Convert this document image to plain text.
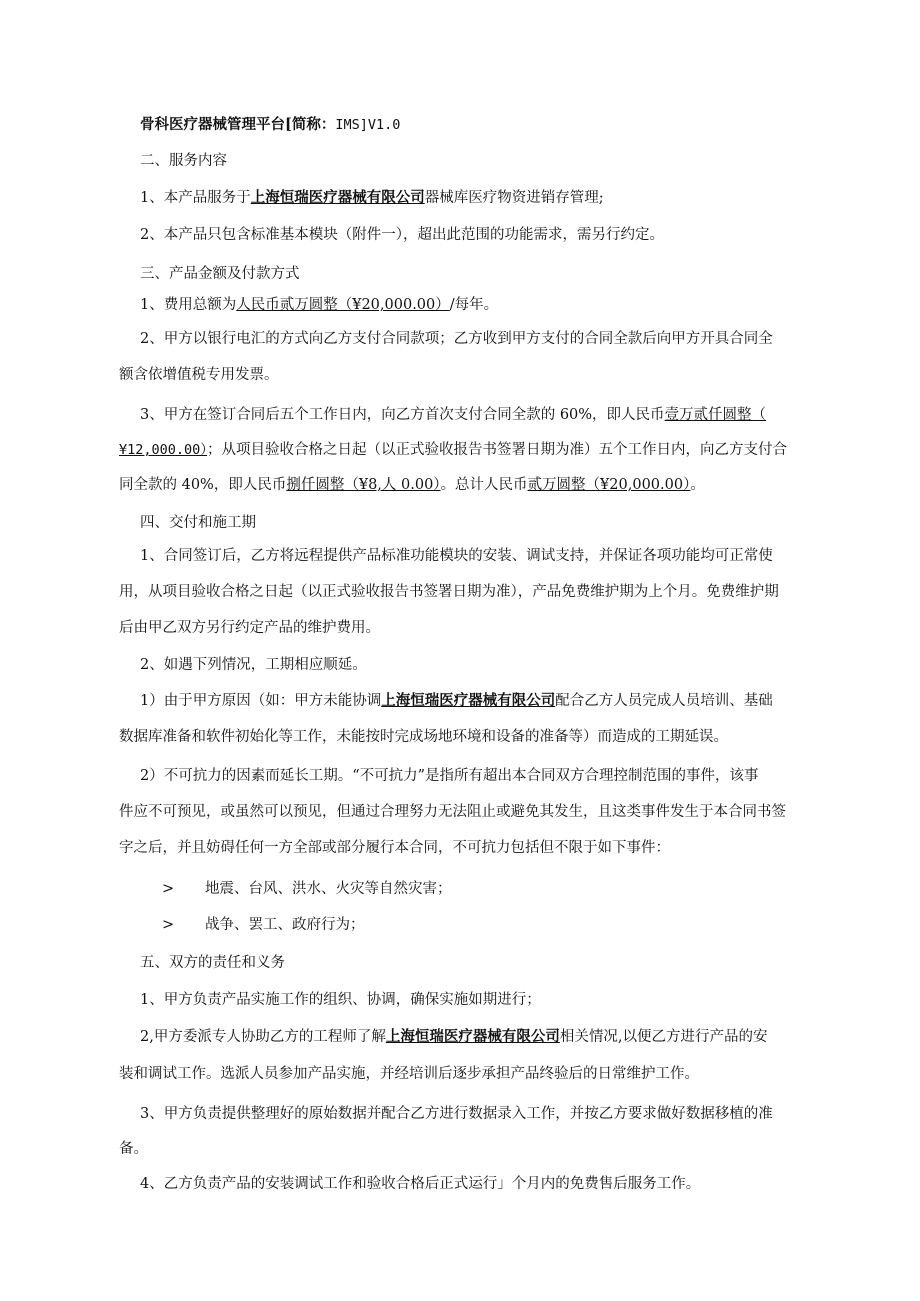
骨科医疗器械管理平台[简称：IMS]V1.0
二、服务内容
1、本产品服务于上海恒瑞医疗器械有限公司器械库医疗物资进销存管理;
2、本产品只包含标准基本模块（附件一），超出此范围的功能需求，需另行约定。
三、产品金额及付款方式
1、费用总额为人民币贰万圆整（¥20,000.00）/每年。
2、甲方以银行电汇的方式向乙方支付合同款项；乙方收到甲方支付的合同全款后向甲方开具合同全
额含依增值税专用发票。
3、甲方在签订合同后五个工作日内，向乙方首次支付合同全款的 60%，即人民币壹万贰仟圆整（
¥12,000.00）；从项目验收合格之日起（以正式验收报告书签署日期为准）五个工作日内，向乙方支付合
同全款的 40%，即人民币捌仟圆整（¥8,人 0.00）。总计人民币贰万圆整（¥20,000.00）。
四、交付和施工期
1、合同签订后，乙方将远程提供产品标准功能模块的安装、调试支持，并保证各项功能均可正常使
用，从项目验收合格之日起（以正式验收报告书签署日期为准），产品免费维护期为上个月。免费维护期
后由甲乙双方另行约定产品的维护费用。
2、如遇下列情况，工期相应顺延。
1）由于甲方原因（如：甲方未能协调上海恒瑞医疗器械有限公司配合乙方人员完成人员培训、基础
数据库准备和软件初始化等工作，未能按时完成场地环境和设备的准备等）而造成的工期延误。
2）不可抗力的因素而延长工期。“不可抗力”是指所有超出本合同双方合理控制范围的事件，该事
件应不可预见，或虽然可以预见，但通过合理努力无法阻止或避免其发生，且这类事件发生于本合同书签
字之后，并且妨碍任何一方全部或部分履行本合同，不可抗力包括但不限于如下事件：
> 地震、台风、洪水、火灾等自然灾害；
> 战争、罢工、政府行为；
五、双方的责任和义务
1、甲方负责产品实施工作的组织、协调，确保实施如期进行；
2,甲方委派专人协助乙方的工程师了解上海恒瑞医疗器械有限公司相关情况,以便乙方进行产品的安
装和调试工作。选派人员参加产品实施，并经培训后逐步承担产品终验后的日常维护工作。
3、甲方负责提供整理好的原始数据并配合乙方进行数据录入工作，并按乙方要求做好数据移植的准
备。
4、乙方负责产品的安装调试工作和验收合格后正式运行」个月内的免费售后服务工作。
